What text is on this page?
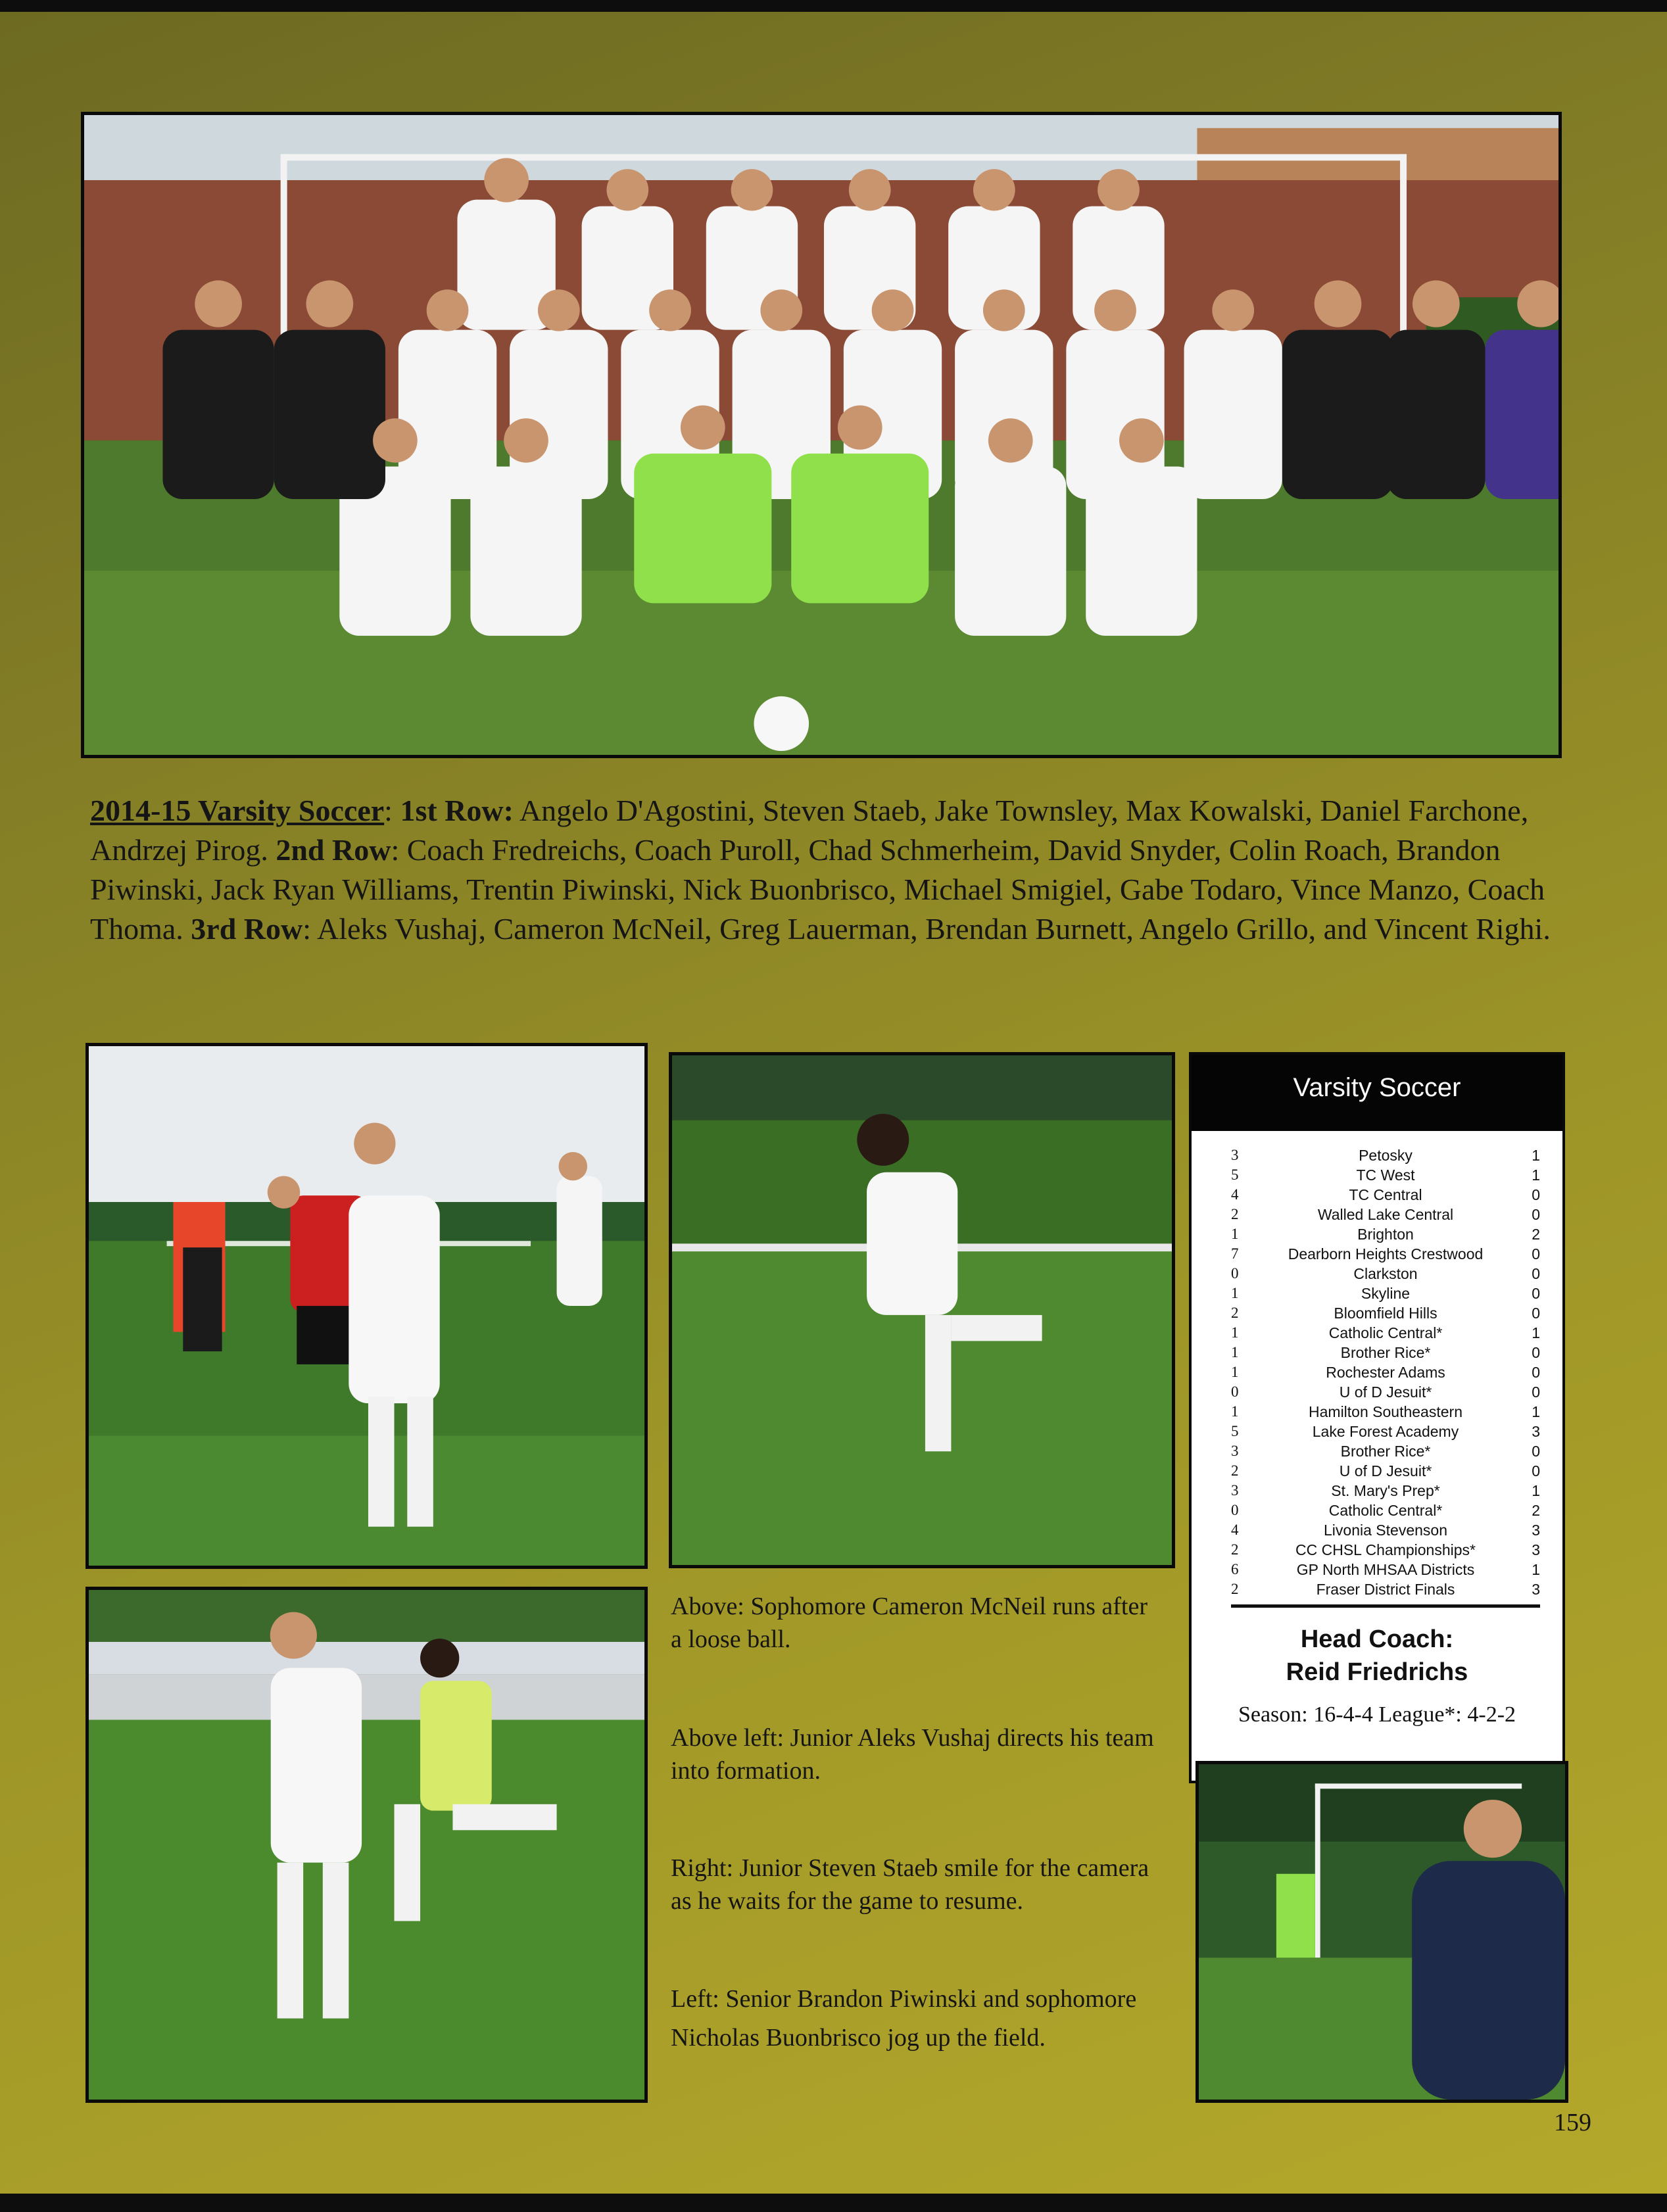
2014-15 Varsity Soccer: 1st Row: Angelo D'Agostini, Steven Staeb, Jake Townsley, Max Kowalski, Daniel Farchone, Andrzej Pirog. 2nd Row: Coach Fredreichs, Coach Puroll, Chad Schmerheim, David Snyder, Colin Roach, Brandon Piwinski, Jack Ryan Williams, Trentin Piwinski, Nick Buonbrisco, Michael Smigiel, Gabe Todaro, Vince Manzo, Coach Thoma. 3rd Row: Aleks Vushaj, Cameron McNeil, Greg Lauerman, Brendan Burnett, Angelo Grillo, and Vincent Righi.
Above: Sophomore Cameron McNeil runs after a loose ball.
Above left: Junior Aleks Vushaj directs his team into formation.
Right: Junior Steven Staeb smile for the camera as he waits for the game to resume.
Left: Senior Brandon Piwinski and sophomore Nicholas Buonbrisco jog up the field.
Varsity Soccer
3	Petosky	1
5	TC West	1
4	TC Central	0
2	Walled Lake Central	0
1	Brighton	2
7	Dearborn Heights Crestwood	0
0	Clarkston	0
1	Skyline	0
2	Bloomfield Hills	0
1	Catholic Central*	1
1	Brother Rice*	0
1	Rochester Adams	0
0	U of D Jesuit*	0
1	Hamilton Southeastern	1
5	Lake Forest Academy	3
3	Brother Rice*	0
2	U of D Jesuit*	0
3	St. Mary's Prep*	1
0	Catholic Central*	2
4	Livonia Stevenson	3
2	CC CHSL Championships*	3
6	GP North MHSAA Districts	1
2	Fraser District Finals	3
Head Coach:
Reid Friedrichs
Season: 16-4-4 League*: 4-2-2
159
